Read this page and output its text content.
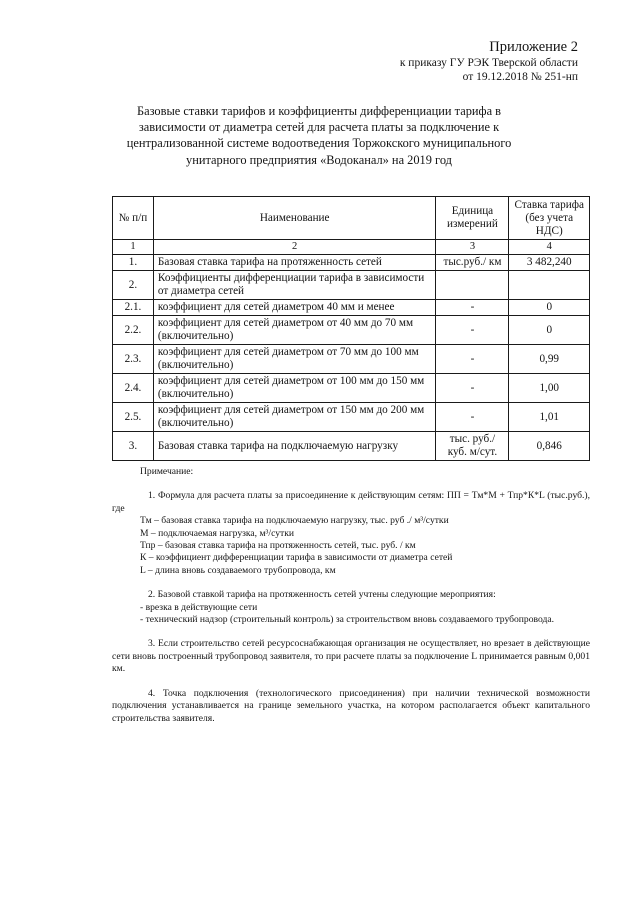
Приложение 2
к приказу ГУ РЭК Тверской области
от 19.12.2018 № 251-нп
Базовые ставки тарифов и коэффициенты дифференциации тарифа в зависимости от диаметра сетей для расчета платы за подключение к централизованной системе водоотведения Торжокского муниципального унитарного предприятия «Водоканал» на 2019 год
№ п/п	Наименование	Единица измерений	Ставка тарифа (без учета НДС)
1	2	3	4
1.	Базовая ставка тарифа на протяженность сетей	тыс.руб./ км	3 482,240
2.	Коэффициенты дифференциации тарифа в зависимости от диаметра сетей		
2.1.	коэффициент для сетей диаметром 40 мм и менее	-	0
2.2.	коэффициент для сетей диаметром от 40 мм до 70 мм (включительно)	-	0
2.3.	коэффициент для сетей диаметром от 70 мм до 100 мм (включительно)	-	0,99
2.4.	коэффициент для сетей диаметром от 100 мм до 150 мм (включительно)	-	1,00
2.5.	коэффициент для сетей диаметром от 150 мм до 200 мм (включительно)	-	1,01
3.	Базовая ставка тарифа на подключаемую нагрузку	тыс. руб./ куб. м/сут.	0,846

Примечание:

1. Формула для расчета платы за присоединение к действующим сетям: ПП = Тм*М + Тпр*К*L (тыс.руб.), где

Тм – базовая ставка тарифа на подключаемую нагрузку, тыс. руб ./ м³/сутки

М – подключаемая нагрузка, м³/сутки

Тпр – базовая ставка тарифа на протяженность сетей, тыс. руб. / км

К – коэффициент дифференциации тарифа в зависимости от диаметра сетей

L – длина вновь создаваемого трубопровода, км

2. Базовой ставкой тарифа на протяженность сетей учтены следующие мероприятия:

- врезка в действующие сети

- технический надзор (строительный контроль) за строительством вновь создаваемого трубопровода.

3. Если строительство сетей ресурсоснабжающая организация не осуществляет, но врезает в действующие сети вновь построенный трубопровод заявителя, то при расчете платы за подключение L принимается равным 0,001 км.

4. Точка подключения (технологического присоединения) при наличии технической возможности подключения устанавливается на границе земельного участка, на котором располагается объект капитального строительства заявителя.
